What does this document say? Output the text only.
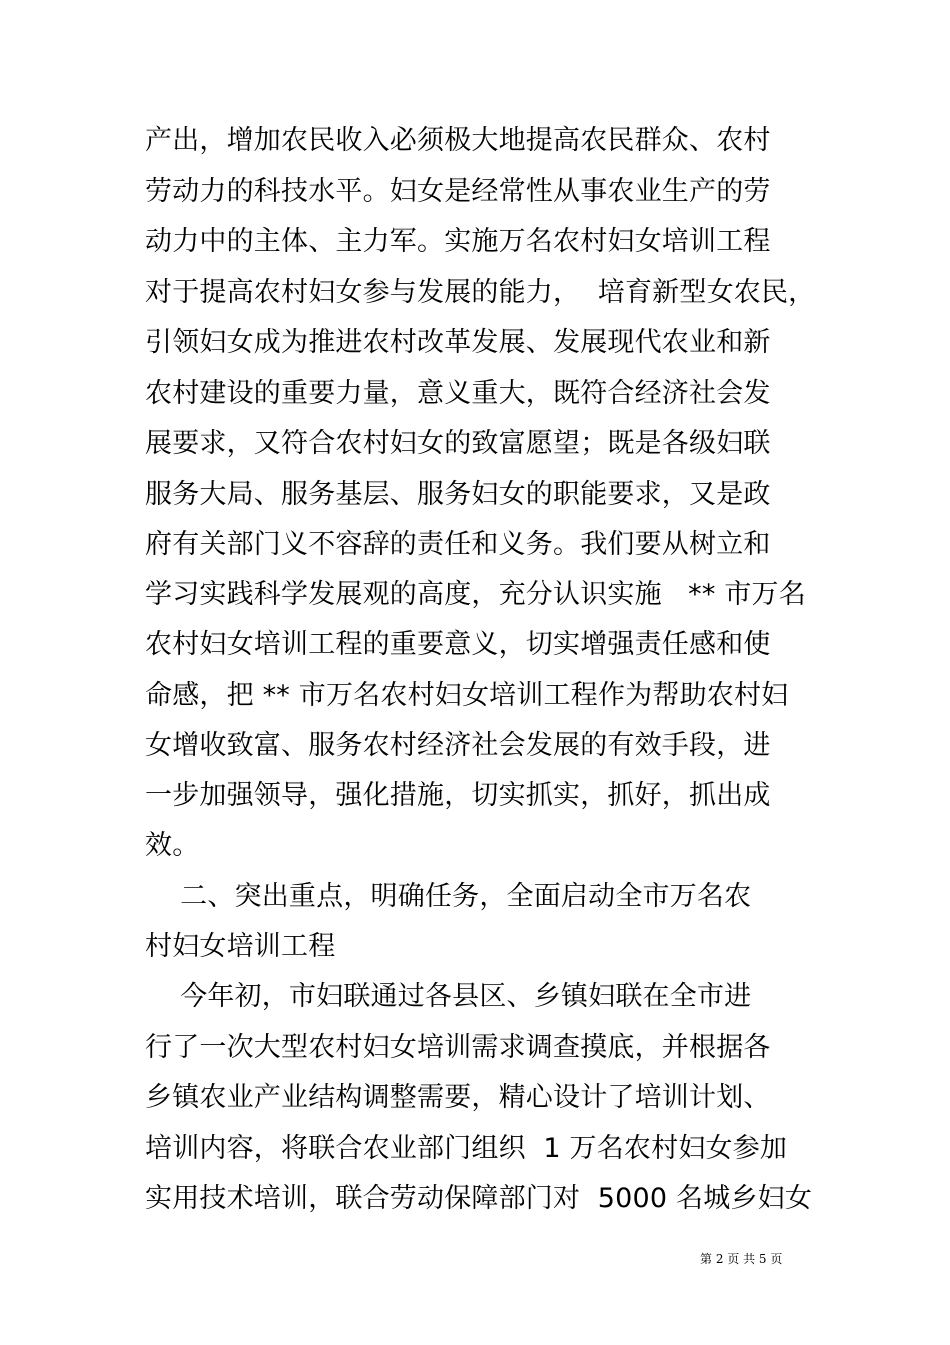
产出，增加农民收入必须极大地提高农民群众、农村
劳动力的科技水平。妇女是经常性从事农业生产的劳
动力中的主体、主力军。实施万名农村妇女培训工程
对于提高农村妇女参与发展的能力，  培育新型女农民，
引领妇女成为推进农村改革发展、发展现代农业和新
农村建设的重要力量，意义重大，既符合经济社会发
展要求，又符合农村妇女的致富愿望；既是各级妇联
服务大局、服务基层、服务妇女的职能要求，又是政
府有关部门义不容辞的责任和义务。我们要从树立和
学习实践科学发展观的高度，充分认识实施   ** 市万名
农村妇女培训工程的重要意义，切实增强责任感和使
命感，把 ** 市万名农村妇女培训工程作为帮助农村妇
女增收致富、服务农村经济社会发展的有效手段，进
一步加强领导，强化措施，切实抓实，抓好，抓出成
效。
二、突出重点，明确任务，全面启动全市万名农
村妇女培训工程
今年初，市妇联通过各县区、乡镇妇联在全市进
行了一次大型农村妇女培训需求调查摸底，并根据各
乡镇农业产业结构调整需要，精心设计了培训计划、
培训内容，将联合农业部门组织  1 万名农村妇女参加
实用技术培训，联合劳动保障部门对  5000 名城乡妇女
第 2 页 共 5 页
